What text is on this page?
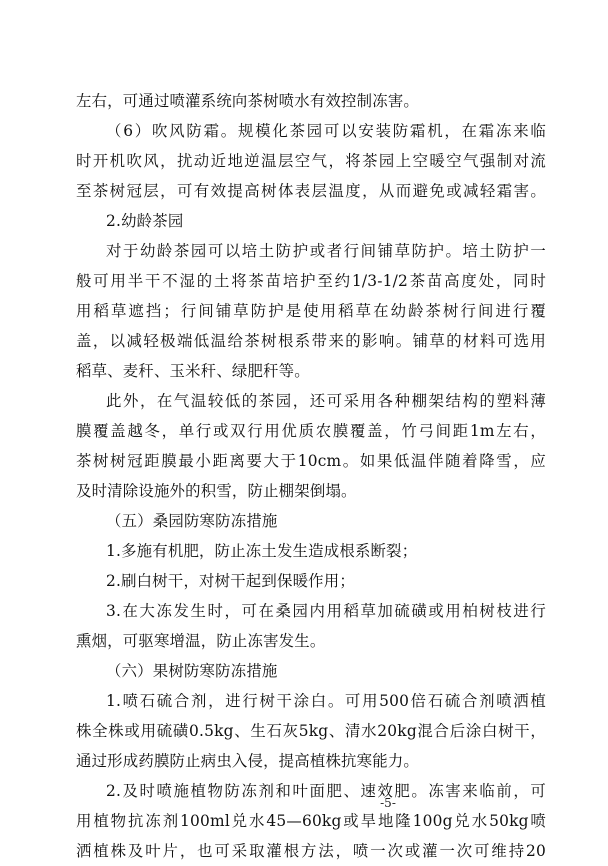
左右，可通过喷灌系统向茶树喷水有效控制冻害。
（6）吹风防霜。规模化茶园可以安装防霜机，在霜冻来临
时开机吹风，扰动近地逆温层空气，将茶园上空暖空气强制对流
至茶树冠层，可有效提高树体表层温度，从而避免或减轻霜害。
2.幼龄茶园
对于幼龄茶园可以培土防护或者行间铺草防护。培土防护一
般可用半干不湿的土将茶苗培护至约1/3-1/2茶苗高度处，同时
用稻草遮挡；行间铺草防护是使用稻草在幼龄茶树行间进行覆
盖，以减轻极端低温给茶树根系带来的影响。铺草的材料可选用
稻草、麦秆、玉米秆、绿肥秆等。
此外，在气温较低的茶园，还可采用各种棚架结构的塑料薄
膜覆盖越冬，单行或双行用优质农膜覆盖，竹弓间距1m左右，
茶树树冠距膜最小距离要大于10cm。如果低温伴随着降雪，应
及时清除设施外的积雪，防止棚架倒塌。
（五）桑园防寒防冻措施
1.多施有机肥，防止冻土发生造成根系断裂；
2.刷白树干，对树干起到保暖作用；
3.在大冻发生时，可在桑园内用稻草加硫磺或用柏树枝进行
熏烟，可驱寒增温，防止冻害发生。
（六）果树防寒防冻措施
1.喷石硫合剂，进行树干涂白。可用500倍石硫合剂喷洒植
株全株或用硫磺0.5kg、生石灰5kg、清水20kg混合后涂白树干，
通过形成药膜防止病虫入侵，提高植株抗寒能力。
2.及时喷施植物防冻剂和叶面肥、速效肥。冻害来临前，可
用植物抗冻剂100ml兑水45—60kg或旱地隆100g兑水50kg喷
洒植株及叶片，也可采取灌根方法，喷一次或灌一次可维持20
-5-
